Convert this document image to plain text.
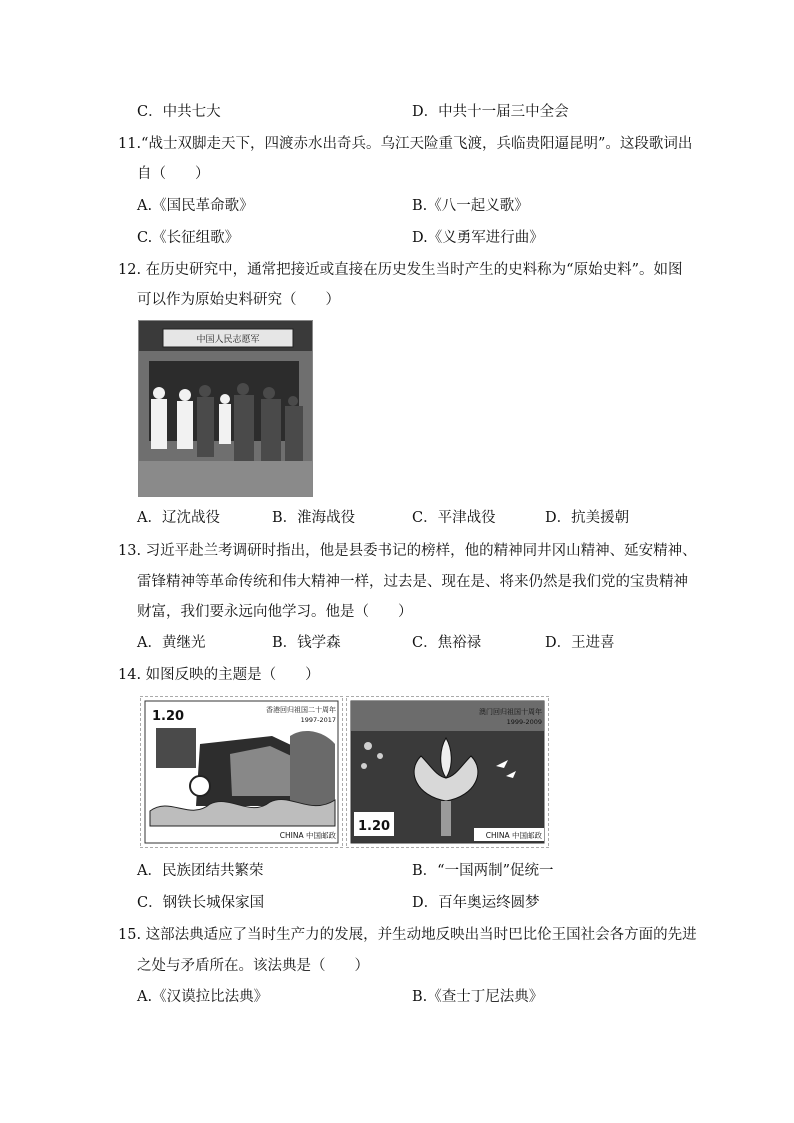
C．中共七大	D．中共十一届三中全会
11.“战士双脚走天下，四渡赤水出奇兵。乌江天险重飞渡，兵临贵阳逼昆明”。这段歌词出
自（　　）
A.《国民革命歌》	B.《八一起义歌》
C.《长征组歌》	D.《义勇军进行曲》
12. 在历史研究中，通常把接近或直接在历史发生当时产生的史料称为“原始史料”。如图
可以作为原始史料研究（　　）
中国人民志愿军
A．辽沈战役	B．淮海战役	C．平津战役	D．抗美援朝
13. 习近平赴兰考调研时指出，他是县委书记的榜样，他的精神同井冈山精神、延安精神、
雷锋精神等革命传统和伟大精神一样，过去是、现在是、将来仍然是我们党的宝贵精神
财富，我们要永远向他学习。他是（　　）
A．黄继光	B．钱学森	C．焦裕禄	D．王进喜
14. 如图反映的主题是（　　）
1.20	香港回归祖国二十周年
1997-2017
CHINA 中国邮政
澳门回归祖国十周年
1999-2009
1.20
CHINA 中国邮政
A．民族团结共繁荣	B．“一国两制”促统一
C．钢铁长城保家国	D．百年奥运终圆梦
15. 这部法典适应了当时生产力的发展，并生动地反映出当时巴比伦王国社会各方面的先进
之处与矛盾所在。该法典是（　　）
A.《汉谟拉比法典》	B.《查士丁尼法典》
